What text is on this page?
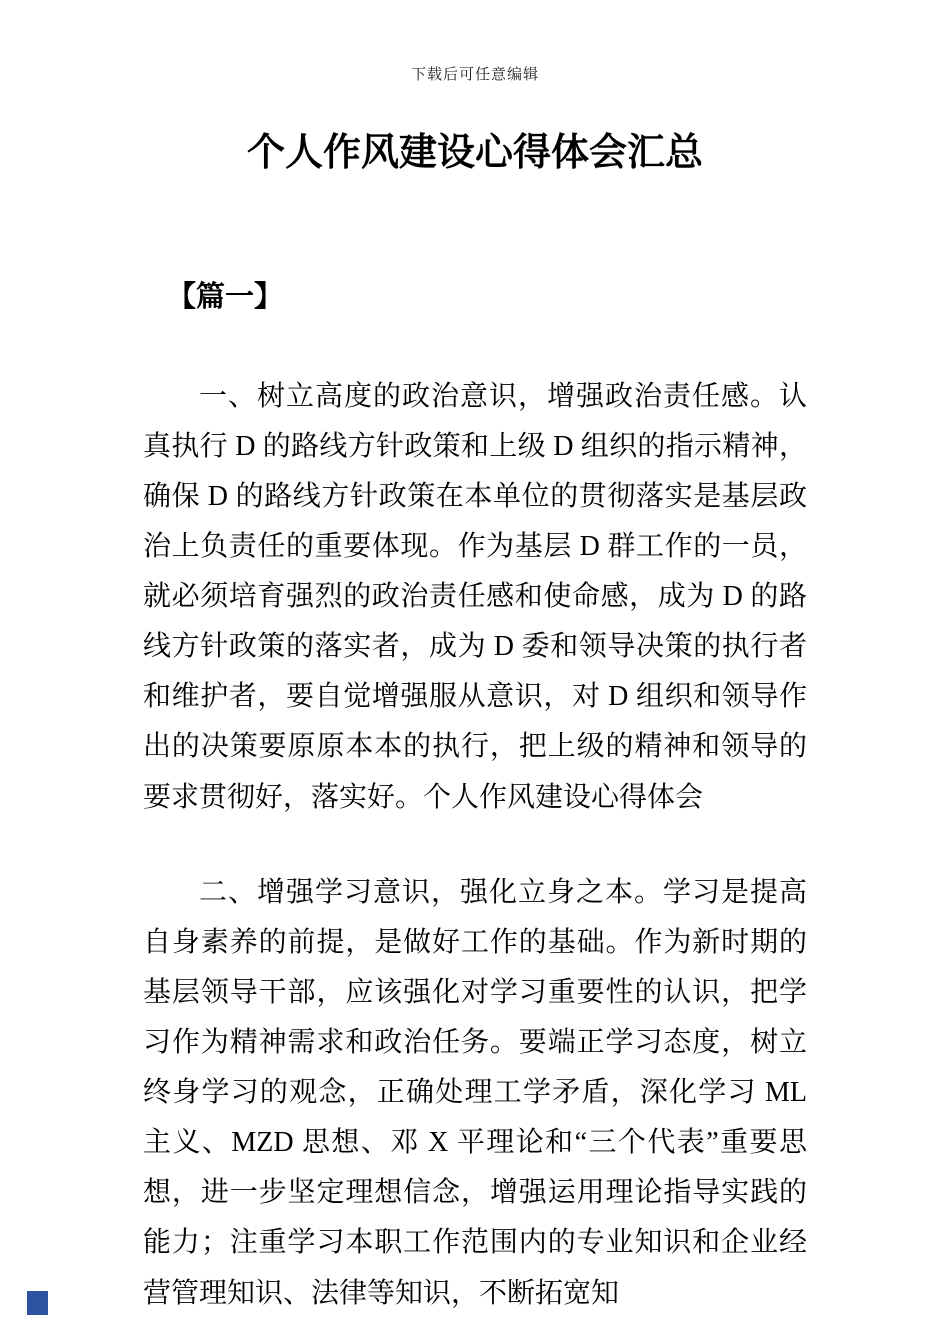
下载后可任意编辑
个人作风建设心得体会汇总
【篇一】

一、树立高度的政治意识，增强政治责任感。认真执行 D 的路线方针政策和上级 D 组织的指示精神，确保 D 的路线方针政策在本单位的贯彻落实是基层政治上负责任的重要体现。作为基层 D 群工作的一员，就必须培育强烈的政治责任感和使命感，成为 D 的路线方针政策的落实者，成为 D 委和领导决策的执行者和维护者，要自觉增强服从意识，对 D 组织和领导作出的决策要原原本本的执行，把上级的精神和领导的要求贯彻好，落实好。个人作风建设心得体会

二、增强学习意识，强化立身之本。学习是提高自身素养的前提，是做好工作的基础。作为新时期的基层领导干部，应该强化对学习重要性的认识，把学习作为精神需求和政治任务。要端正学习态度，树立终身学习的观念，正确处理工学矛盾，深化学习 ML 主义、MZD 思想、邓 X 平理论和“三个代表”重要思想，进一步坚定理想信念，增强运用理论指导实践的能力；注重学习本职工作范围内的专业知识和企业经营管理知识、法律等知识，不断拓宽知
